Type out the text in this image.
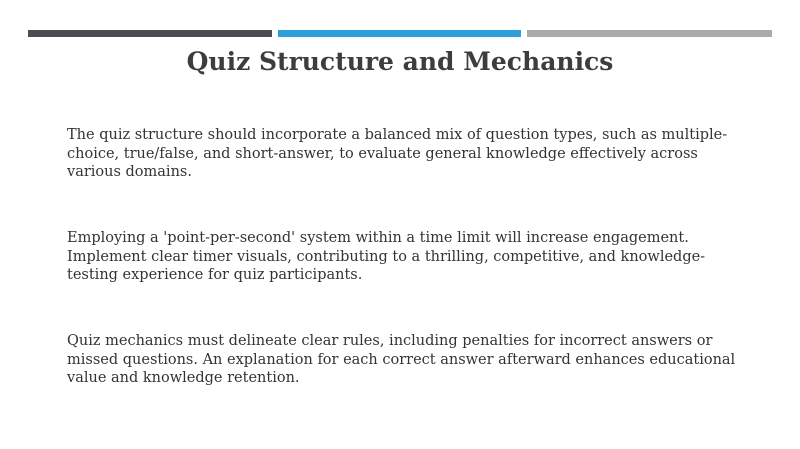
Quiz Structure and Mechanics

The quiz structure should incorporate a balanced mix of question types, such as multiple-choice, true/false, and short-answer, to evaluate general knowledge effectively across various domains.

Employing a 'point-per-second' system within a time limit will increase engagement. Implement clear timer visuals, contributing to a thrilling, competitive, and knowledge-testing experience for quiz participants.

Quiz mechanics must delineate clear rules, including penalties for incorrect answers or missed questions. An explanation for each correct answer afterward enhances educational value and knowledge retention.
